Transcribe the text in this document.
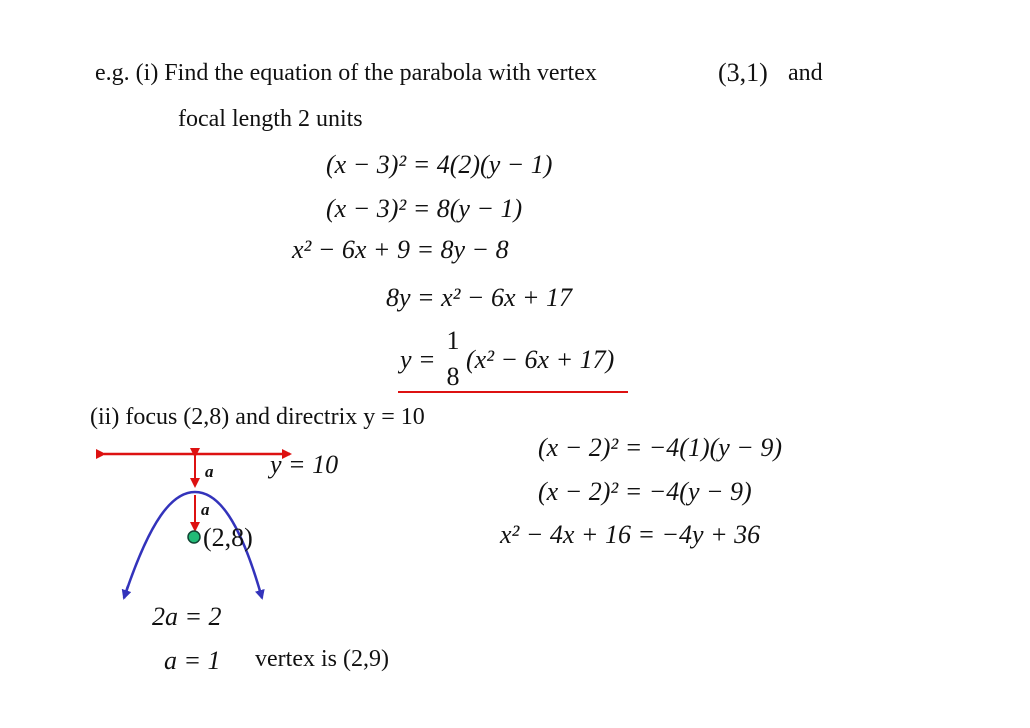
e.g. (i) Find the equation of the parabola with vertex	(3,1) and
focal length 2 units
(x − 3)² = 4(2)(y − 1)
(x − 3)² = 8(y − 1)
x² − 6x + 9 = 8y − 8
8y = x² − 6x + 17
y =
1
8
(x² − 6x + 17)
(ii) focus (2,8) and directrix y = 10
(x − 2)² = −4(1)(y − 9)
(x − 2)² = −4(y − 9)
x² − 4x + 16 = −4y + 36
y = 10
a
a
(2,8)
2a = 2
a = 1 vertex is (2,9)
